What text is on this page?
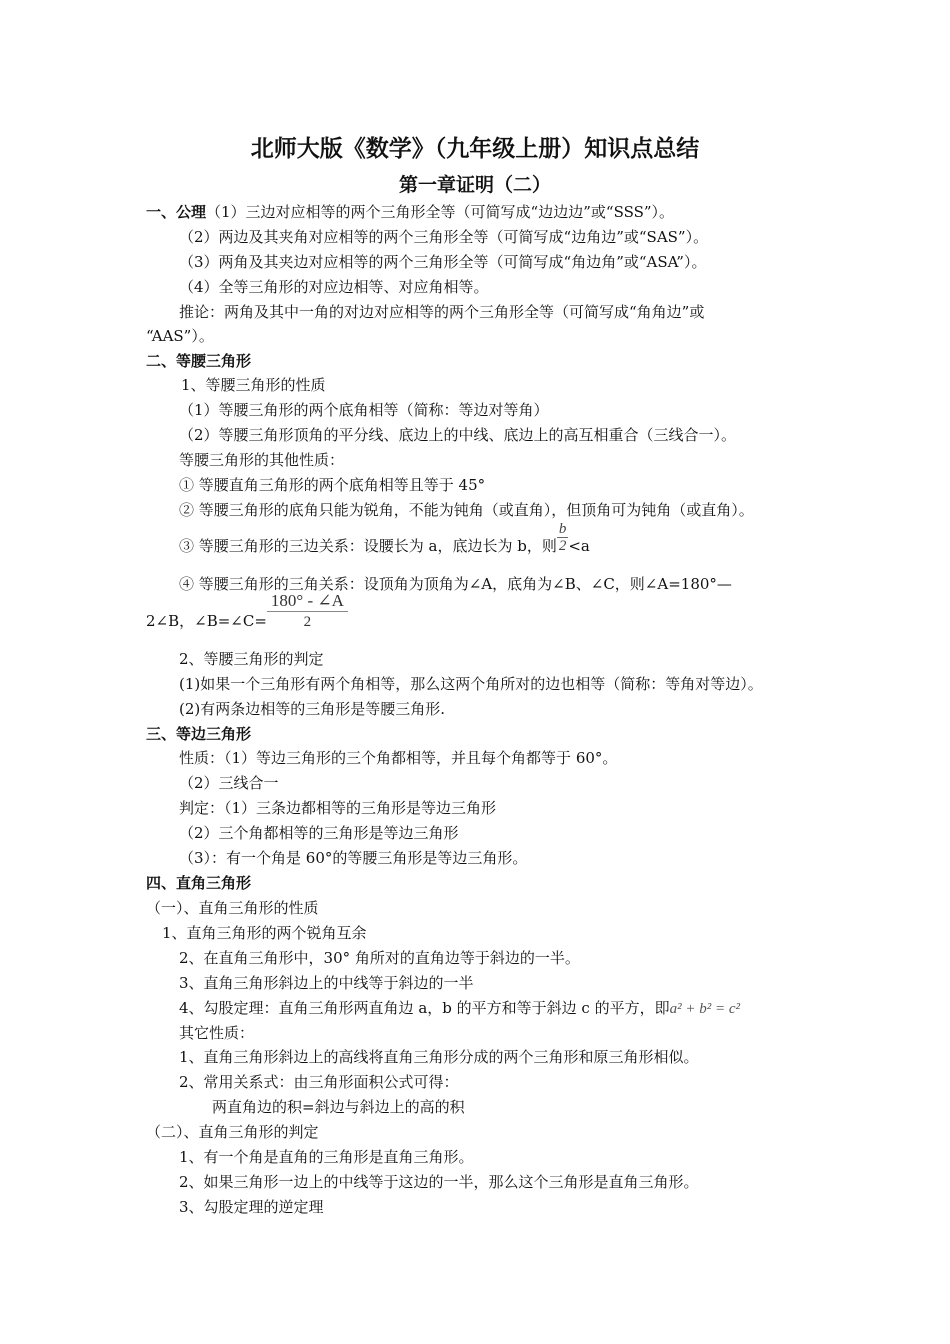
北师大版《数学》（九年级上册）知识点总结
第一章证明（二）
一、公理（1）三边对应相等的两个三角形全等（可简写成“边边边”或“SSS”）。
（2）两边及其夹角对应相等的两个三角形全等（可简写成“边角边”或“SAS”）。
（3）两角及其夹边对应相等的两个三角形全等（可简写成“角边角”或“ASA”）。
（4）全等三角形的对应边相等、对应角相等。
推论：两角及其中一角的对边对应相等的两个三角形全等（可简写成“角角边”或
“AAS”）。
二、等腰三角形
1、等腰三角形的性质
（1）等腰三角形的两个底角相等（简称：等边对等角）
（2）等腰三角形顶角的平分线、底边上的中线、底边上的高互相重合（三线合一）。
等腰三角形的其他性质：
① 等腰直角三角形的两个底角相等且等于 45°
② 等腰三角形的底角只能为锐角，不能为钝角（或直角），但顶角可为钝角（或直角）。
③ 等腰三角形的三边关系：设腰长为 a，底边长为 b，则 $\frac{b}{2} <a$
④ 等腰三角形的三角关系：设顶角为顶角为∠A，底角为∠B、∠C，则∠A=180°—
2∠B，∠B=∠C= $\frac{180^\circ - \angle A}{2}$
2、等腰三角形的判定
(1)如果一个三角形有两个角相等，那么这两个角所对的边也相等（简称：等角对等边）。
(2)有两条边相等的三角形是等腰三角形.
三、等边三角形
性质：（1）等边三角形的三个角都相等，并且每个角都等于 60°。
（2）三线合一
判定：（1）三条边都相等的三角形是等边三角形
（2）三个角都相等的三角形是等边三角形
（3）：有一个角是 60°的等腰三角形是等边三角形。
四、直角三角形
（一）、直角三角形的性质
1、直角三角形的两个锐角互余
2、在直角三角形中，30° 角所对的直角边等于斜边的一半。
3、直角三角形斜边上的中线等于斜边的一半
4、勾股定理：直角三角形两直角边 a，b 的平方和等于斜边 c 的平方，即a² + b² = c²
其它性质：
1、直角三角形斜边上的高线将直角三角形分成的两个三角形和原三角形相似。
2、常用关系式：由三角形面积公式可得：
两直角边的积=斜边与斜边上的高的积
（二）、直角三角形的判定
1、有一个角是直角的三角形是直角三角形。
2、如果三角形一边上的中线等于这边的一半，那么这个三角形是直角三角形。
3、勾股定理的逆定理
